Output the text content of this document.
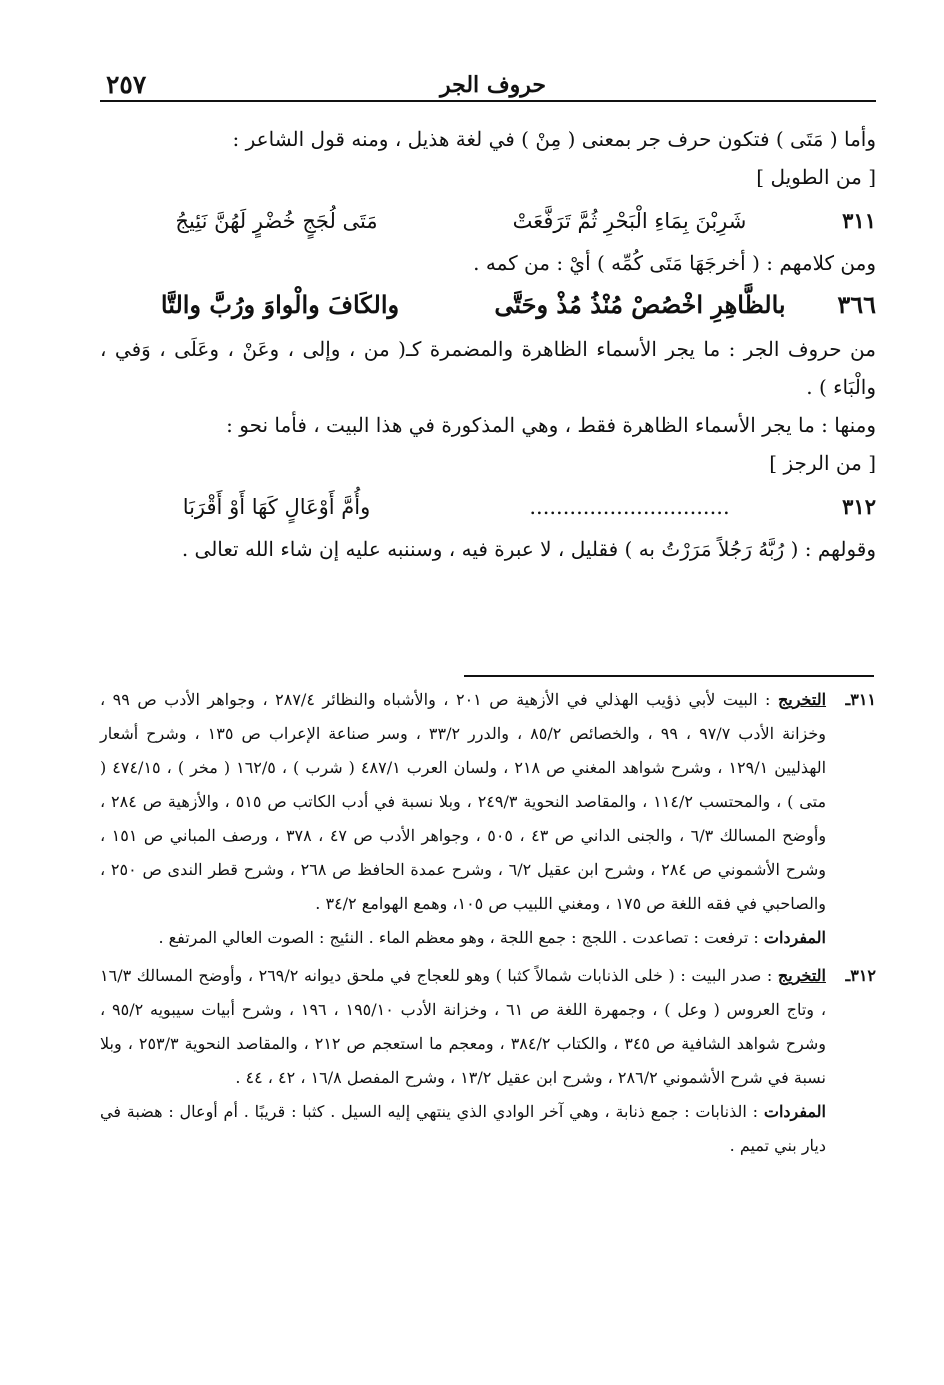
حروف الجر
٢٥٧

وأما ( مَتَى ) فتكون حرف جر بمعنى ( مِنْ ) في لغة هذيل ، ومنه قول الشاعر :

[ من الطويل ]

٣١١
شَرِبْنَ بِمَاءِ الْبَحْرِ ثُمَّ تَرَفَّعَتْ
مَتَى لُجَجٍ خُضْرٍ لَهُنَّ نَئِيجُ

ومن كلامهم : ( أخرجَهَا مَتَى كُمِّه ) أيْ : من كمه .

٣٦٦
بالظَّاهِرِ اخْصُصْ مُنْذُ مُذْ وحَتَّى
والكَافَ والْواوَ ورُبَّ والتَّا

من حروف الجر : ما يجر الأسماء الظاهرة والمضمرة كـ( من ، وإلى ، وعَنْ ، وعَلَى ، وَفي ، والْبَاء ) .

ومنها : ما يجر الأسماء الظاهرة فقط ، وهي المذكورة في هذا البيت ، فأما نحو :

[ من الرجز ]

٣١٢
..............................
وأُمَّ أَوْعَالٍ كَهَا أَوْ أَقْرَبَا

وقولهم : ( رُبَّهُ رَجُلاً مَرَرْتُ به ) فقليل ، لا عبرة فيه ، وسننبه عليه إن شاء الله تعالى .

٣١١ـ
التخريج : البيت لأبي ذؤيب الهذلي في الأزهية ص ٢٠١ ، والأشباه والنظائر ٢٨٧/٤ ، وجواهر الأدب ص ٩٩ ، وخزانة الأدب ٩٧/٧ ، ٩٩ ، والخصائص ٨٥/٢ ، والدرر ٣٣/٢ ، وسر صناعة الإعراب ص ١٣٥ ، وشرح أشعار الهذليين ١٢٩/١ ، وشرح شواهد المغني ص ٢١٨ ، ولسان العرب ٤٨٧/١ ( شرب ) ، ١٦٢/٥ ( مخر ) ، ٤٧٤/١٥ ( متى ) ، والمحتسب ١١٤/٢ ، والمقاصد النحوية ٢٤٩/٣ ، وبلا نسبة في أدب الكاتب ص ٥١٥ ، والأزهية ص ٢٨٤ ، وأوضح المسالك ٦/٣ ، والجنى الداني ص ٤٣ ، ٥٠٥ ، وجواهر الأدب ص ٤٧ ، ٣٧٨ ، ورصف المباني ص ١٥١ ، وشرح الأشموني ص ٢٨٤ ، وشرح ابن عقيل ٦/٢ ، وشرح عمدة الحافظ ص ٢٦٨ ، وشرح قطر الندى ص ٢٥٠ ، والصاحبي في فقه اللغة ص ١٧٥ ، ومغني اللبيب ص ١٠٥، وهمع الهوامع ٣٤/٢ .
المفردات : ترفعت : تصاعدت . اللجج : جمع اللجة ، وهو معظم الماء . النئيج : الصوت العالي المرتفع .
٣١٢ـ
التخريج : صدر البيت : ( خلى الذنابات شمالاً كثبا ) وهو للعجاج في ملحق ديوانه ٢٦٩/٢ ، وأوضح المسالك ١٦/٣ ، وتاج العروس ( وعل ) ، وجمهرة اللغة ص ٦١ ، وخزانة الأدب ١٩٥/١٠ ، ١٩٦ ، وشرح أبيات سيبويه ٩٥/٢ ، وشرح شواهد الشافية ص ٣٤٥ ، والكتاب ٣٨٤/٢ ، ومعجم ما استعجم ص ٢١٢ ، والمقاصد النحوية ٢٥٣/٣ ، وبلا نسبة في شرح الأشموني ٢٨٦/٢ ، وشرح ابن عقيل ١٣/٢ ، وشرح المفصل ١٦/٨ ، ٤٢ ، ٤٤ .
المفردات : الذنابات : جمع ذنابة ، وهي آخر الوادي الذي ينتهي إليه السيل . كثبا : قريبًا . أم أوعال : هضبة في ديار بني تميم .
